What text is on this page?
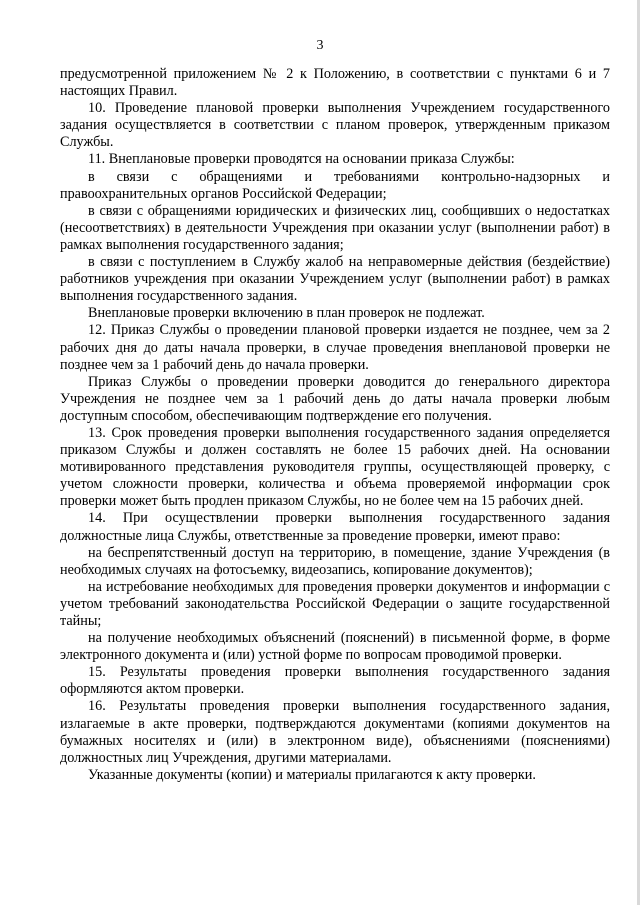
3

предусмотренной приложением № 2 к Положению, в соответствии с пунктами 6 и 7 настоящих Правил.

10. Проведение плановой проверки выполнения Учреждением государственного задания осуществляется в соответствии с планом проверок, утвержденным приказом Службы.

11. Внеплановые проверки проводятся на основании приказа Службы:

в связи с обращениями и требованиями контрольно-надзорных и правоохранительных органов Российской Федерации;

в связи с обращениями юридических и физических лиц, сообщивших о недостатках (несоответствиях) в деятельности Учреждения при оказании услуг (выполнении работ) в рамках выполнения государственного задания;

в связи с поступлением в Службу жалоб на неправомерные действия (бездействие) работников учреждения при оказании Учреждением услуг (выполнении работ) в рамках выполнения государственного задания.

Внеплановые проверки включению в план проверок не подлежат.

12. Приказ Службы о проведении плановой проверки издается не позднее, чем за 2 рабочих дня до даты начала проверки, в случае проведения внеплановой проверки не позднее чем за 1 рабочий день до начала проверки.

Приказ Службы о проведении проверки доводится до генерального директора Учреждения не позднее чем за 1 рабочий день до даты начала проверки любым доступным способом, обеспечивающим подтверждение его получения.

13. Срок проведения проверки выполнения государственного задания определяется приказом Службы и должен составлять не более 15 рабочих дней. На основании мотивированного представления руководителя группы, осуществляющей проверку, с учетом сложности проверки, количества и объема проверяемой информации срок проверки может быть продлен приказом Службы, но не более чем на 15 рабочих дней.

14. При осуществлении проверки выполнения государственного задания должностные лица Службы, ответственные за проведение проверки, имеют право:

на беспрепятственный доступ на территорию, в помещение, здание Учреждения (в необходимых случаях на фотосъемку, видеозапись, копирование документов);

на истребование необходимых для проведения проверки документов и информации с учетом требований законодательства Российской Федерации о защите государственной тайны;

на получение необходимых объяснений (пояснений) в письменной форме, в форме электронного документа и (или) устной форме по вопросам проводимой проверки.

15. Результаты проведения проверки выполнения государственного задания оформляются актом проверки.

16. Результаты проведения проверки выполнения государственного задания, излагаемые в акте проверки, подтверждаются документами (копиями документов на бумажных носителях и (или) в электронном виде), объяснениями (пояснениями) должностных лиц Учреждения, другими материалами.

Указанные документы (копии) и материалы прилагаются к акту проверки.
